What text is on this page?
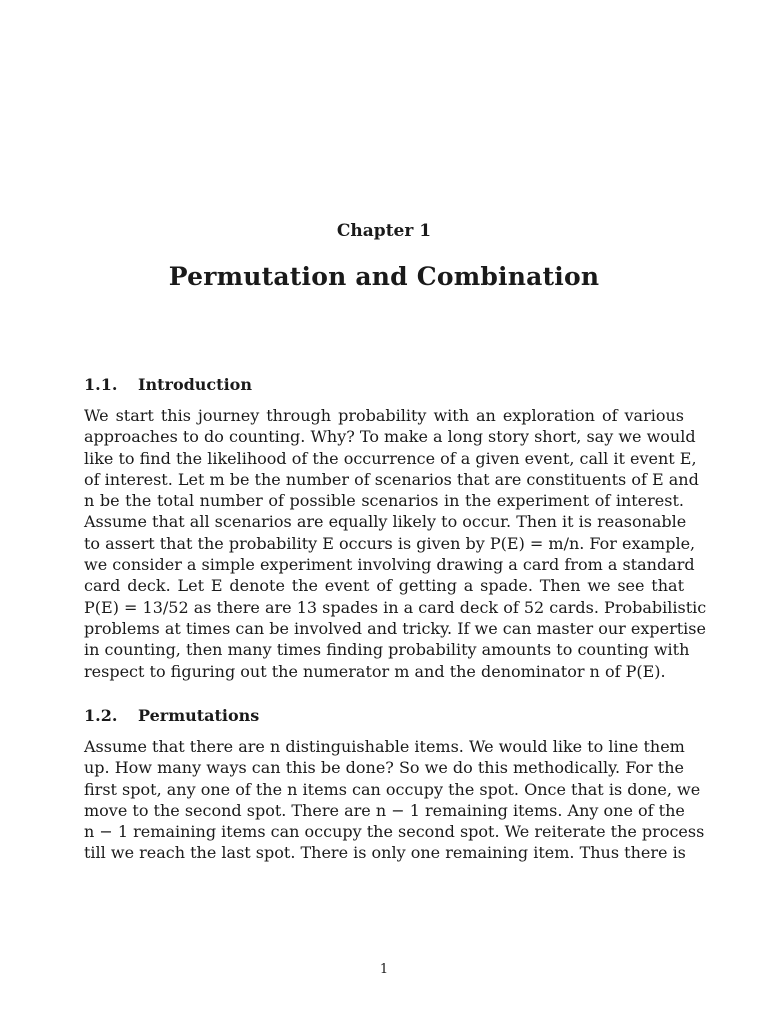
Chapter 1
Permutation and Combination
1.1. Introduction
We start this journey through probability with an exploration of various
approaches to do counting. Why? To make a long story short, say we would
like to find the likelihood of the occurrence of a given event, call it event E,
of interest. Let m be the number of scenarios that are constituents of E and
n be the total number of possible scenarios in the experiment of interest.
Assume that all scenarios are equally likely to occur. Then it is reasonable
to assert that the probability E occurs is given by P(E) = m/n. For example,
we consider a simple experiment involving drawing a card from a standard
card deck. Let E denote the event of getting a spade. Then we see that
P(E) = 13/52 as there are 13 spades in a card deck of 52 cards. Probabilistic
problems at times can be involved and tricky. If we can master our expertise
in counting, then many times finding probability amounts to counting with
respect to figuring out the numerator m and the denominator n of P(E).
1.2. Permutations
Assume that there are n distinguishable items. We would like to line them
up. How many ways can this be done? So we do this methodically. For the
first spot, any one of the n items can occupy the spot. Once that is done, we
move to the second spot. There are n − 1 remaining items. Any one of the
n − 1 remaining items can occupy the second spot. We reiterate the process
till we reach the last spot. There is only one remaining item. Thus there is
1
